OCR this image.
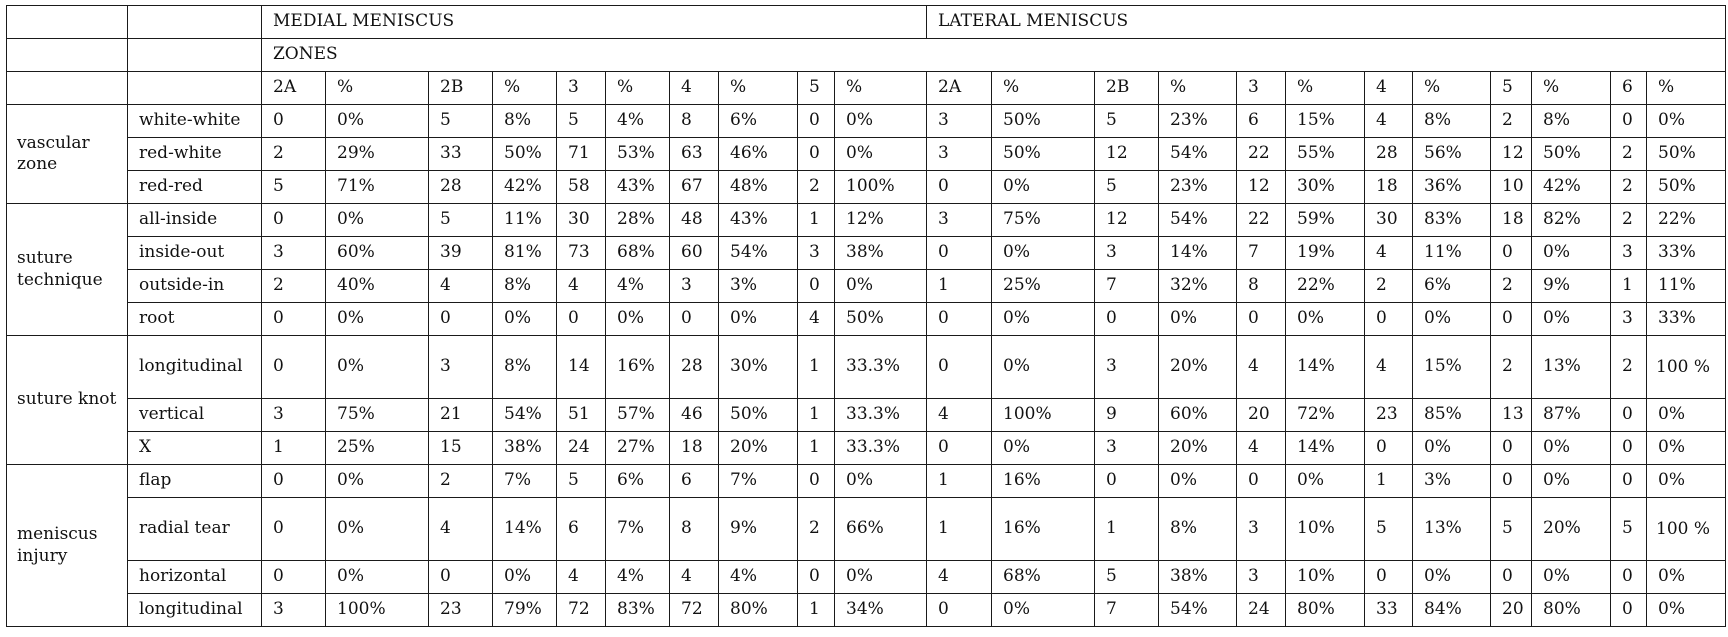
		MEDIAL MENISCUS										LATERAL MENISCUS											
		ZONES																					
		2A	%	2B	%	3	%	4	%	5	%	2A	%	2B	%	3	%	4	%	5	%	6	%
vascular zone	white-white	0	0%	5	8%	5	4%	8	6%	0	0%	3	50%	5	23%	6	15%	4	8%	2	8%	0	0%
	red-white	2	29%	33	50%	71	53%	63	46%	0	0%	3	50%	12	54%	22	55%	28	56%	12	50%	2	50%
	red-red	5	71%	28	42%	58	43%	67	48%	2	100%	0	0%	5	23%	12	30%	18	36%	10	42%	2	50%
suture technique	all-inside	0	0%	5	11%	30	28%	48	43%	1	12%	3	75%	12	54%	22	59%	30	83%	18	82%	2	22%
	inside-out	3	60%	39	81%	73	68%	60	54%	3	38%	0	0%	3	14%	7	19%	4	11%	0	0%	3	33%
	outside-in	2	40%	4	8%	4	4%	3	3%	0	0%	1	25%	7	32%	8	22%	2	6%	2	9%	1	11%
	root	0	0%	0	0%	0	0%	0	0%	4	50%	0	0%	0	0%	0	0%	0	0%	0	0%	3	33%
suture knot	longitudinal	0	0%	3	8%	14	16%	28	30%	1	33.3%	0	0%	3	20%	4	14%	4	15%	2	13%	2	100 %
	vertical	3	75%	21	54%	51	57%	46	50%	1	33.3%	4	100%	9	60%	20	72%	23	85%	13	87%	0	0%
	X	1	25%	15	38%	24	27%	18	20%	1	33.3%	0	0%	3	20%	4	14%	0	0%	0	0%	0	0%
meniscus injury	flap	0	0%	2	7%	5	6%	6	7%	0	0%	1	16%	0	0%	0	0%	1	3%	0	0%	0	0%
	radial tear	0	0%	4	14%	6	7%	8	9%	2	66%	1	16%	1	8%	3	10%	5	13%	5	20%	5	100 %
	horizontal	0	0%	0	0%	4	4%	4	4%	0	0%	4	68%	5	38%	3	10%	0	0%	0	0%	0	0%
	longitudinal	3	100%	23	79%	72	83%	72	80%	1	34%	0	0%	7	54%	24	80%	33	84%	20	80%	0	0%
